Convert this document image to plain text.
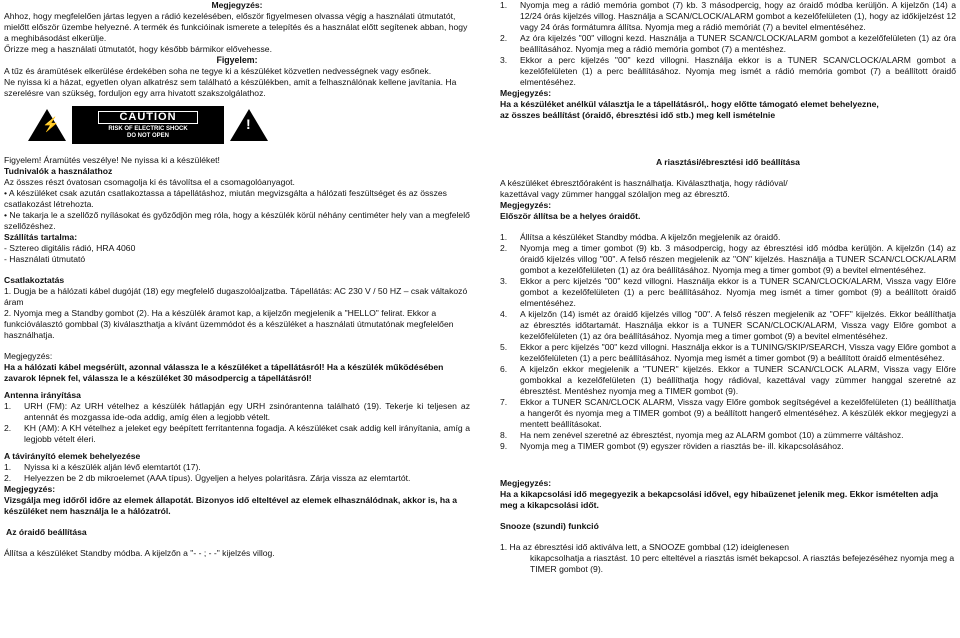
Megjegyzés:

Ahhoz, hogy megfelelően jártas legyen a rádió kezelésében, először figyelmesen olvassa végig a használati útmutatót, mielőtt először üzembe helyezné. A termék és funkcióinak ismerete a telepítés és a használat előtt segítenek abban, hogy a meghibásodást elkerülje.

Őrizze meg a használati útmutatót, hogy később bármikor elővehesse.

Figyelem:

A tűz és áramütések elkerülése érdekében soha ne tegye ki a készüléket közvetlen nedvességnek vagy esőnek.

Ne nyissa ki a házat, egyetlen olyan alkatrész sem található a készülékben, amit a felhasználónak kellene javítania. Ha szerelésre van szükség, forduljon egy arra hivatott szakszolgálathoz.

⚡	CAUTION
RISK OF ELECTRIC SHOCK
DO NOT OPEN
!

Figyelem! Áramütés veszélye! Ne nyissa ki a készüléket!

Tudnivalók a használathoz

Az összes részt óvatosan csomagolja ki és távolítsa el a csomagolóanyagot.

• A készüléket csak azután csatlakoztassa a tápellátáshoz, miután megvizsgálta a hálózati feszültséget és az összes csatlakozást létrehozta.

• Ne takarja le a szellőző nyílásokat és győződjön meg róla, hogy a készülék körül néhány centiméter hely van a megfelelő szellőzéshez.

Szállítás tartalma:

- Sztereo digitális rádió, HRA 4060

- Használati útmutató

Csatlakoztatás

1. Dugja be a hálózati kábel dugóját (18) egy megfelelő dugaszolóaljzatba. Tápellátás: AC 230 V / 50 HZ – csak váltakozó áram

2. Nyomja meg a Standby gombot (2). Ha a készülék áramot kap, a kijelzőn megjelenik a "HELLO" felirat. Ekkor a funkcióválasztó gombbal (3) kiválaszthatja a kívánt üzemmódot és a készüléket a használati útmutatónak megfelelően használhatja.

Megjegyzés:

Ha a hálózati kábel megsérült, azonnal válassza le a készüléket a tápellátásról! Ha a készülék működésében zavarok lépnek fel, válassza le a készüléket 30 másodpercig a tápellátásról!

Antenna irányítása

1.	URH (FM): Az URH vételhez a készülék hátlapján egy URH zsinórantenna található (19). Tekerje ki teljesen az antennát és mozgassa ide-oda addig, amíg élen a legjobb vételt.
2.	KH (AM): A KH vételhez a jeleket egy beépített ferritantenna fogadja. A készüléket csak addig kell irányítania, amíg a legjobb vételt éleri.

A távirányító elemek behelyezése

1.	Nyissa ki a készülék alján lévő elemtartót (17).
2.	Helyezzen be 2 db mikroelemet (AAA típus). Ügyeljen a helyes polaritásra. Zárja vissza az elemtartót.

Megjegyzés:

Vizsgálja meg időről időre az elemek állapotát. Bizonyos idő elteltével az elemek elhasználódnak, akkor is, ha a készüléket nem használja le a hálózatról.

Az óraidő beállítása

Állítsa a készüléket Standby módba. A kijelzőn a "- - ; - -" kijelzés villog.

1.	Nyomja meg a rádió memória gombot (7) kb. 3 másodpercig, hogy az óraidő módba kerüljön. A kijelzőn (14) a 12/24 órás kijelzés villog. Használja a SCAN/CLOCK/ALARM gombot a kezelőfelületen (1), hogy az időkijelzést 12 vagy 24 órás formátumra állítsa. Nyomja meg a rádió memóriát (7) a bevitel elmentéséhez.
2.	Az óra kijelzés "00" villogni kezd. Használja a TUNER SCAN/CLOCK/ALARM gombot a kezelőfelületen (1) az óra beállításához. Nyomja meg a rádió memória gombot (7) a mentéshez.
3.	Ekkor a perc kijelzés "00" kezd villogni. Használja ekkor is a TUNER SCAN/CLOCK/ALARM gombot a kezelőfelületen (1) a perc beállításához. Nyomja meg ismét a rádió memória gombot (7) a beállított óraidő elmentéséhez.

Megjegyzés:

Ha a készüléket anélkül választja le a tápellátásról,. hogy előtte támogató elemet behelyezne,

az összes beállítást (óraidő, ébresztési idő stb.) meg kell ismételnie

A riasztási/ébresztési idő beállítása

A készüléket ébresztőóraként is használhatja. Kiválaszthatja, hogy rádióval/

kazettával vagy zümmer hanggal szólaljon meg az ébresztő.

Megjegyzés:

Először állítsa be a helyes óraidőt.

1.	Állítsa a készüléket Standby módba. A kijelzőn megjelenik az óraidő.
2.	Nyomja meg a timer gombot (9) kb. 3 másodpercig, hogy az ébresztési idő módba kerüljön. A kijelzőn (14) az óraidő kijelzés villog "00". A felső részen megjelenik az "ON" kijelzés. Használja a TUNER SCAN/CLOCK/ALARM gombot a kezelőfelületen (1) az óra beállításához. Nyomja meg a timer gombot (9) a bevitel elmentéséhez.
3.	Ekkor a perc kijelzés "00" kezd villogni. Használja ekkor is a TUNER SCAN/CLOCK/ALARM, Vissza vagy Előre gombot a kezelőfelületen (1) a perc beállításához. Nyomja meg ismét a timer gombot (9) a beállított óraidő elmentéséhez.
4.	A kijelzőn (14) ismét az óraidő kijelzés villog "00". A felső részen megjelenik az "OFF" kijelzés. Ekkor beállíthatja az ébresztés időtartamát. Használja ekkor is a TUNER SCAN/CLOCK/ALARM, Vissza vagy Előre gombot a kezelőfelületen (1) az óra beállításához. Nyomja meg a timer gombot (9) a bevitel elmentéséhez.
5.	Ekkor a perc kijelzés "00" kezd villogni. Használja ekkor is a TUNING/SKIP/SEARCH, Vissza vagy Előre gombot a kezelőfelületen (1) a perc beállításához. Nyomja meg ismét a timer gombot (9) a beállított óraidő elmentéséhez.
6.	A kijelzőn ekkor megjelenik a "TUNER" kijelzés. Ekkor a TUNER SCAN/CLOCK ALARM, Vissza vagy Előre gombokkal a kezelőfelületen (1) beállíthatja hogy rádióval, kazettával vagy zümmer hanggal szeretné az ébresztést. Mentéshez nyomja meg a TIMER gombot (9).
7.	Ekkor a TUNER SCAN/CLOCK ALARM, Vissza vagy Előre gombok segítségével a kezelőfelületen (1) beállíthatja a hangerőt és nyomja meg a TIMER gombot (9) a beállított hangerő elmentéséhez. A készülék ekkor megjegyzi a mentett beállításokat.
8.	Ha nem zenével szeretné az ébresztést, nyomja meg az ALARM gombot (10) a zümmerre váltáshoz.
9.	Nyomja meg a TIMER gombot (9) egyszer röviden a riasztás be- ill. kikapcsolásához.

Megjegyzés:

Ha a kikapcsolási idő megegyezik a bekapcsolási idővel, egy hibaüzenet jelenik meg. Ekkor ismételten adja meg a kikapcsolási időt.

Snooze (szundi) funkció

1. Ha az ébresztési idő aktiválva lett, a SNOOZE gombbal (12) ideiglenesen

kikapcsolhatja a riasztást. 10 perc elteltével a riasztás ismét bekapcsol. A riasztás befejezéséhez nyomja meg a TIMER gombot (9).
